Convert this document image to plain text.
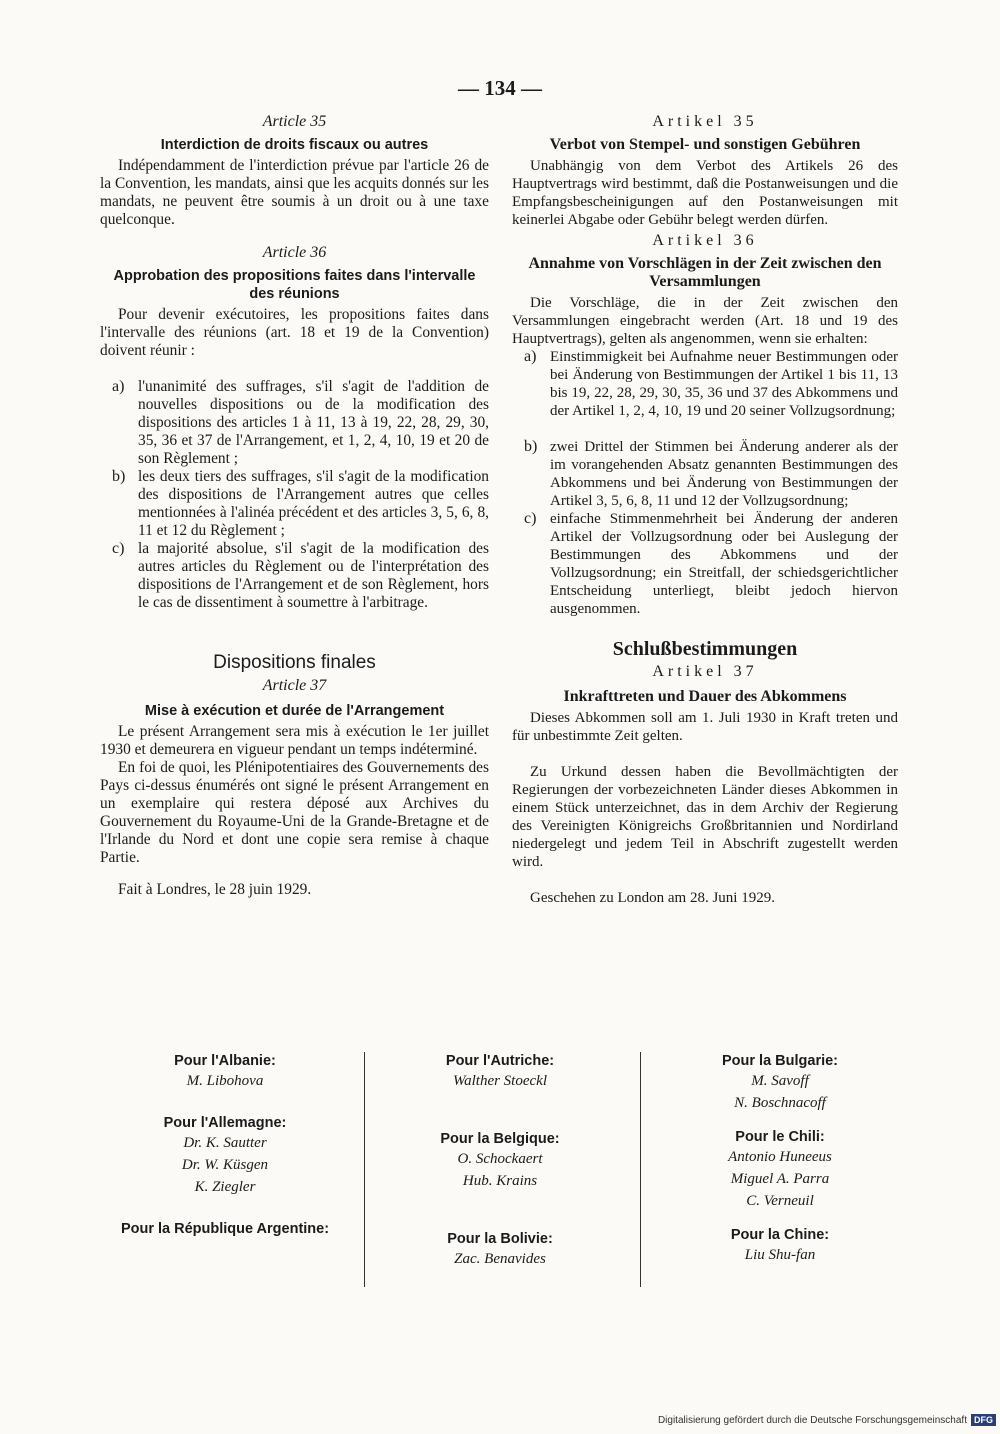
— 134 —
Article 35
Interdiction de droits fiscaux ou autres

Indépendamment de l'interdiction prévue par l'article 26 de la Convention, les mandats, ainsi que les acquits donnés sur les mandats, ne peuvent être soumis à un droit ou à une taxe quelconque.

Article 36
Approbation des propositions faites dans l'intervalle des réunions

Pour devenir exécutoires, les propositions faites dans l'intervalle des réunions (art. 18 et 19 de la Convention) doivent réunir :

a) l'unanimité des suffrages, s'il s'agit de l'addition de nouvelles dispositions ou de la modification des dispositions des articles 1 à 11, 13 à 19, 22, 28, 29, 30, 35, 36 et 37 de l'Arrangement, et 1, 2, 4, 10, 19 et 20 de son Règlement ;
b) les deux tiers des suffrages, s'il s'agit de la modification des dispositions de l'Arrangement autres que celles mentionnées à l'alinéa précédent et des articles 3, 5, 6, 8, 11 et 12 du Règlement ;
c) la majorité absolue, s'il s'agit de la modification des autres articles du Règlement ou de l'interprétation des dispositions de l'Arrangement et de son Règlement, hors le cas de dissentiment à soumettre à l'arbitrage.
Dispositions finales
Article 37
Mise à exécution et durée de l'Arrangement

Le présent Arrangement sera mis à exécution le 1er juillet 1930 et demeurera en vigueur pendant un temps indéterminé.

En foi de quoi, les Plénipotentiaires des Gouvernements des Pays ci-dessus énumérés ont signé le présent Arrangement en un exemplaire qui restera déposé aux Archives du Gouvernement du Royaume-Uni de la Grande-Bretagne et de l'Irlande du Nord et dont une copie sera remise à chaque Partie.

Fait à Londres, le 28 juin 1929.

Artikel 35
Verbot von Stempel- und sonstigen Gebühren

Unabhängig von dem Verbot des Artikels 26 des Hauptvertrags wird bestimmt, daß die Postanweisungen und die Empfangsbescheinigungen auf den Postanweisungen mit keinerlei Abgabe oder Gebühr belegt werden dürfen.

Artikel 36
Annahme von Vorschlägen in der Zeit zwischen den Versammlungen

Die Vorschläge, die in der Zeit zwischen den Versammlungen eingebracht werden (Art. 18 und 19 des Hauptvertrags), gelten als angenommen, wenn sie erhalten:

a) Einstimmigkeit bei Aufnahme neuer Bestimmungen oder bei Änderung von Bestimmungen der Artikel 1 bis 11, 13 bis 19, 22, 28, 29, 30, 35, 36 und 37 des Abkommens und der Artikel 1, 2, 4, 10, 19 und 20 seiner Vollzugsordnung;
b) zwei Drittel der Stimmen bei Änderung anderer als der im vorangehenden Absatz genannten Bestimmungen des Abkommens und bei Änderung von Bestimmungen der Artikel 3, 5, 6, 8, 11 und 12 der Vollzugsordnung;
c) einfache Stimmenmehrheit bei Änderung der anderen Artikel der Vollzugsordnung oder bei Auslegung der Bestimmungen des Abkommens und der Vollzugsordnung; ein Streitfall, der schiedsgerichtlicher Entscheidung unterliegt, bleibt jedoch hiervon ausgenommen.
Schlußbestimmungen
Artikel 37
Inkrafttreten und Dauer des Abkommens

Dieses Abkommen soll am 1. Juli 1930 in Kraft treten und für unbestimmte Zeit gelten.

Zu Urkund dessen haben die Bevollmächtigten der Regierungen der vorbezeichneten Länder dieses Abkommen in einem Stück unterzeichnet, das in dem Archiv der Regierung des Vereinigten Königreichs Großbritannien und Nordirland niedergelegt und jedem Teil in Abschrift zugestellt werden wird.

Geschehen zu London am 28. Juni 1929.

Pour l'Albanie:
M. Libohova
Pour l'Allemagne:
Dr. K. Sautter
Dr. W. Küsgen
K. Ziegler
Pour la République Argentine:
Pour l'Autriche:
Walther Stoeckl
Pour la Belgique:
O. Schockaert
Hub. Krains
Pour la Bolivie:
Zac. Benavides
Pour la Bulgarie:
M. Savoff
N. Boschnacoff
Pour le Chili:
Antonio Huneeus
Miguel A. Parra
C. Verneuil
Pour la Chine:
Liu Shu-fan
Digitalisierung gefördert durch die Deutsche Forschungsgemeinschaft DFG
